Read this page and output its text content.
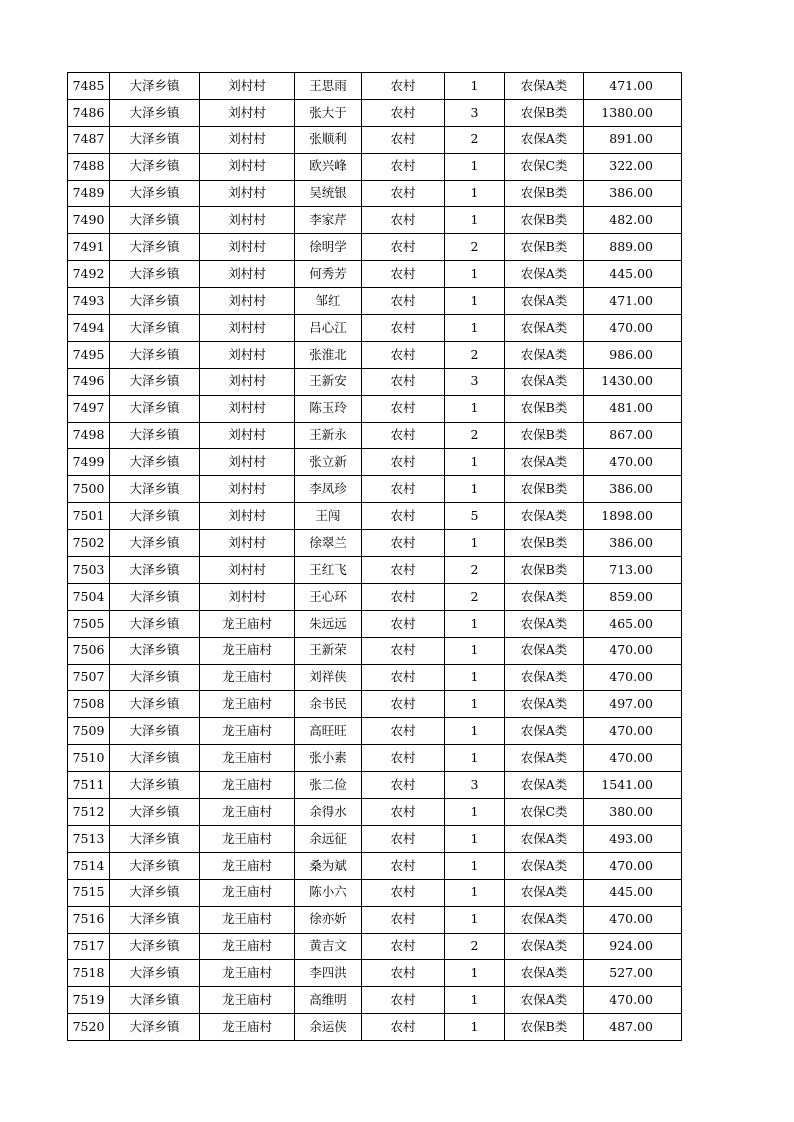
7485	大泽乡镇	刘村村	王思雨	农村	1	农保A类	471.00
7486	大泽乡镇	刘村村	张大于	农村	3	农保B类	1380.00
7487	大泽乡镇	刘村村	张顺利	农村	2	农保A类	891.00
7488	大泽乡镇	刘村村	欧兴峰	农村	1	农保C类	322.00
7489	大泽乡镇	刘村村	吴统银	农村	1	农保B类	386.00
7490	大泽乡镇	刘村村	李家芹	农村	1	农保B类	482.00
7491	大泽乡镇	刘村村	徐明学	农村	2	农保B类	889.00
7492	大泽乡镇	刘村村	何秀芳	农村	1	农保A类	445.00
7493	大泽乡镇	刘村村	邹红	农村	1	农保A类	471.00
7494	大泽乡镇	刘村村	吕心江	农村	1	农保A类	470.00
7495	大泽乡镇	刘村村	张淮北	农村	2	农保A类	986.00
7496	大泽乡镇	刘村村	王新安	农村	3	农保A类	1430.00
7497	大泽乡镇	刘村村	陈玉玲	农村	1	农保B类	481.00
7498	大泽乡镇	刘村村	王新永	农村	2	农保B类	867.00
7499	大泽乡镇	刘村村	张立新	农村	1	农保A类	470.00
7500	大泽乡镇	刘村村	李凤珍	农村	1	农保B类	386.00
7501	大泽乡镇	刘村村	王闯	农村	5	农保A类	1898.00
7502	大泽乡镇	刘村村	徐翠兰	农村	1	农保B类	386.00
7503	大泽乡镇	刘村村	王红飞	农村	2	农保B类	713.00
7504	大泽乡镇	刘村村	王心环	农村	2	农保A类	859.00
7505	大泽乡镇	龙王庙村	朱远远	农村	1	农保A类	465.00
7506	大泽乡镇	龙王庙村	王新荣	农村	1	农保A类	470.00
7507	大泽乡镇	龙王庙村	刘祥侠	农村	1	农保A类	470.00
7508	大泽乡镇	龙王庙村	余书民	农村	1	农保A类	497.00
7509	大泽乡镇	龙王庙村	高旺旺	农村	1	农保A类	470.00
7510	大泽乡镇	龙王庙村	张小素	农村	1	农保A类	470.00
7511	大泽乡镇	龙王庙村	张二俭	农村	3	农保A类	1541.00
7512	大泽乡镇	龙王庙村	余得水	农村	1	农保C类	380.00
7513	大泽乡镇	龙王庙村	余远征	农村	1	农保A类	493.00
7514	大泽乡镇	龙王庙村	桑为斌	农村	1	农保A类	470.00
7515	大泽乡镇	龙王庙村	陈小六	农村	1	农保A类	445.00
7516	大泽乡镇	龙王庙村	徐亦妡	农村	1	农保A类	470.00
7517	大泽乡镇	龙王庙村	黄吉文	农村	2	农保A类	924.00
7518	大泽乡镇	龙王庙村	李四洪	农村	1	农保A类	527.00
7519	大泽乡镇	龙王庙村	高维明	农村	1	农保A类	470.00
7520	大泽乡镇	龙王庙村	余运侠	农村	1	农保B类	487.00
